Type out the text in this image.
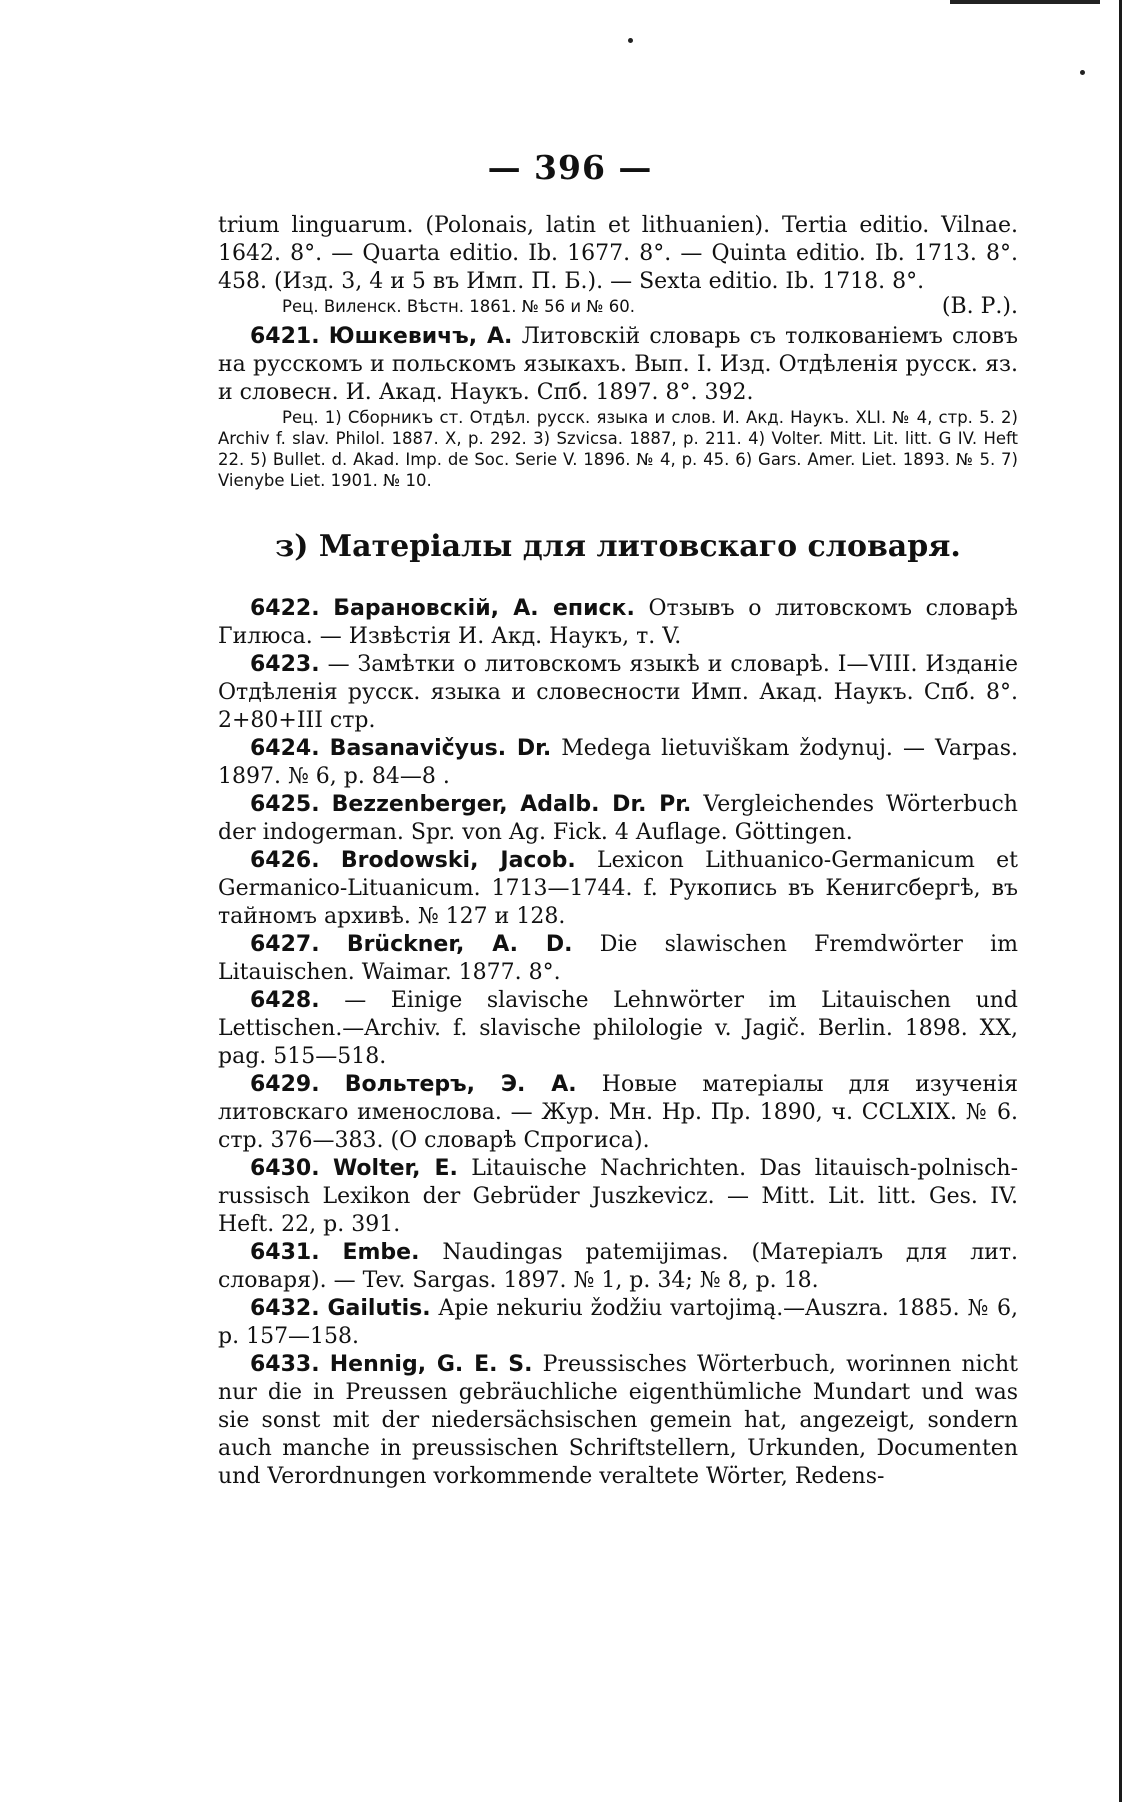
— 396 —

trium linguarum. (Polonais, latin et lithuanien). Tertia editio. Vilnae. 1642. 8°. — Quarta editio. Ib. 1677. 8°. — Quinta editio. Ib. 1713. 8°. 458. (Изд. 3, 4 и 5 въ Имп. П. Б.). — Sexta editio. Ib. 1718. 8°.

Рец. Виленск. Вѣстн. 1861. № 56 и № 60.	(В. Р.).

6421. Юшкевичъ, А. Литовскій словарь съ толкованіемъ словъ на русскомъ и польскомъ языкахъ. Вып. I. Изд. Отдѣленія русск. яз. и словесн. И. Акад. Наукъ. Спб. 1897. 8°. 392.

Рец. 1) Сборникъ ст. Отдѣл. русск. языка и слов. И. Акд. Наукъ. XLI. № 4, стр. 5. 2) Archiv f. slav. Philol. 1887. X, p. 292. 3) Szvicsa. 1887, p. 211. 4) Volter. Mitt. Lit. litt. G IV. Heft 22. 5) Bullet. d. Akad. Imp. de Soc. Serie V. 1896. № 4, p. 45. 6) Gars. Amer. Liet. 1893. № 5. 7) Vienybe Liet. 1901. № 10.

з) Матеріалы для литовскаго словаря.

6422. Барановскій, А. епиcк. Отзывъ о литовскомъ словарѣ Гилюса. — Извѣстія И. Акд. Наукъ, т. V.

6423. — Замѣтки о литовскомъ языкѣ и словарѣ. I—VIII. Изданіе Отдѣленія русск. языка и словесности Имп. Акад. Наукъ. Спб. 8°. 2+80+III стр.

6424. Basanavičyus. Dr. Medega lietuviškam žodynuj. — Varpas. 1897. № 6, p. 84—8 .

6425. Bezzenberger, Adalb. Dr. Pr. Vergleichendes Wörterbuch der indogerman. Spr. von Ag. Fick. 4 Auflage. Göttingen.

6426. Brodowski, Jacob. Lexicon Lithuanico-Germanicum et Germanico-Lituanicum. 1713—1744. f. Рукопись въ Кенигсбергѣ, въ тайномъ архивѣ. № 127 и 128.

6427. Brückner, A. D. Die slawischen Fremdwörter im Litauischen. Waimar. 1877. 8°.

6428. — Einige slavische Lehnwörter im Litauischen und Lettischen.—Archiv. f. slavische philologie v. Jagič. Berlin. 1898. XX, pag. 515—518.

6429. Вольтеръ, Э. А. Новые матеріалы для изученія литовскаго именослова. — Жур. Мн. Нр. Пр. 1890, ч. CCLXIX. № 6. стр. 376—383. (О словарѣ Спрогиса).

6430. Wolter, E. Litauische Nachrichten. Das litauisch-polnisch-russisch Lexikon der Gebrüder Juszkevicz. — Mitt. Lit. litt. Ges. IV. Heft. 22, p. 391.

6431. Embe. Naudingas patemijimas. (Матеріалъ для лит. словаря). — Tev. Sargas. 1897. № 1, p. 34; № 8, p. 18.

6432. Gailutis. Apie nekuriu žodžiu vartojimą.—Auszra. 1885. № 6, p. 157—158.

6433. Hennig, G. E. S. Preussisches Wörterbuch, worinnen nicht nur die in Preussen gebräuchliche eigenthümliche Mundart und was sie sonst mit der niedersächsischen gemein hat, angezeigt, sondern auch manche in preussischen Schriftstellern, Urkunden, Documenten und Verordnungen vorkommende veraltete Wörter, Redens-
